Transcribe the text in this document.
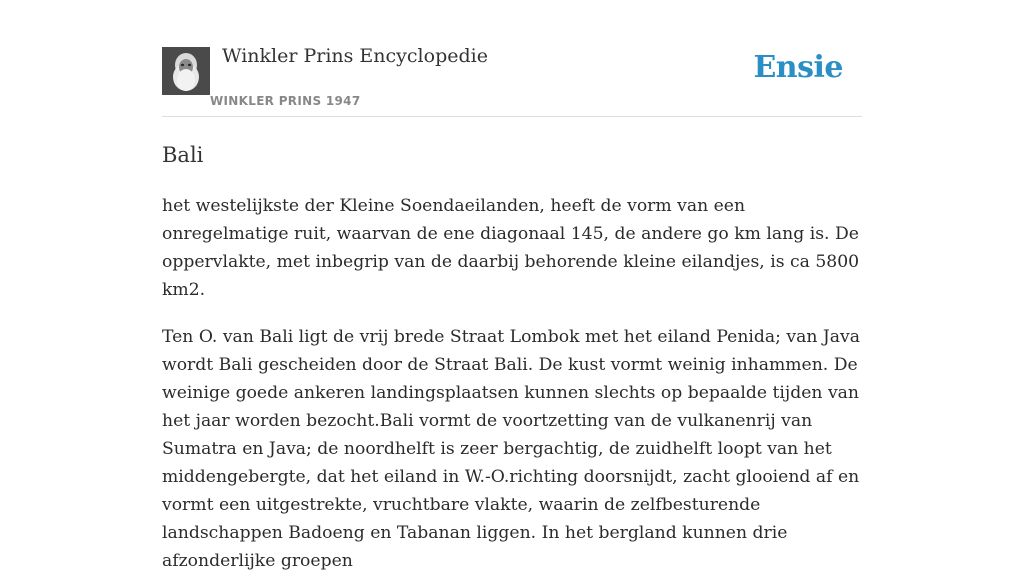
Winkler Prins Encyclopedie
WINKLER PRINS 1947
Ensie
Bali

het westelijkste der Kleine Soendaeilanden, heeft de vorm van een onregelmatige ruit, waarvan de ene diagonaal 145, de andere go km lang is. De oppervlakte, met inbegrip van de daarbij behorende kleine eilandjes, is ca 5800 km2.

Ten O. van Bali ligt de vrij brede Straat Lombok met het eiland Penida; van Java wordt Bali gescheiden door de Straat Bali. De kust vormt weinig inhammen. De weinige goede ankeren landingsplaatsen kunnen slechts op bepaalde tijden van het jaar worden bezocht.Bali vormt de voortzetting van de vulkanenrij van Sumatra en Java; de noordhelft is zeer bergachtig, de zuidhelft loopt van het middengebergte, dat het eiland in W.-O.richting doorsnijdt, zacht glooiend af en vormt een uitgestrekte, vruchtbare vlakte, waarin de zelfbesturende landschappen Badoeng en Tabanan liggen. In het bergland kunnen drie afzonderlijke groepen
